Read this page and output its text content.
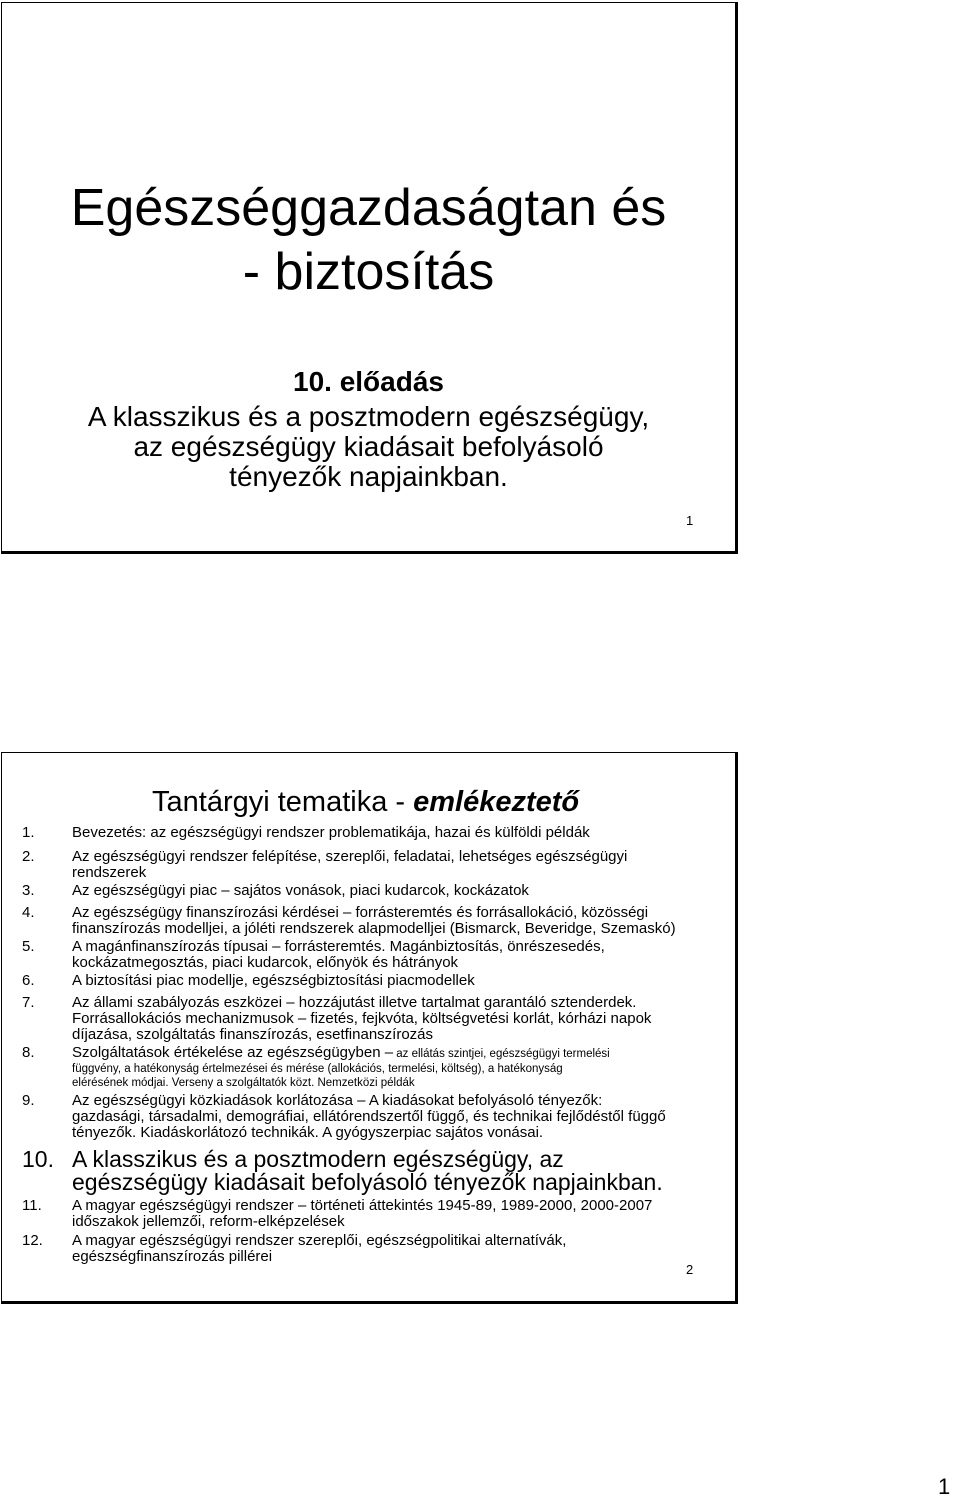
Egészséggazdaságtan és
- biztosítás
10. előadás
A klasszikus és a posztmodern egészségügy,
az egészségügy kiadásait befolyásoló
tényezők napjainkban.
1
Tantárgyi tematika - emlékeztető
1. Bevezetés: az egészségügyi rendszer problematikája, hazai és külföldi példák
2. Az egészségügyi rendszer felépítése, szereplői, feladatai, lehetséges egészségügyi
rendszerek
3. Az egészségügyi piac – sajátos vonások, piaci kudarcok, kockázatok
4. Az egészségügy finanszírozási kérdései – forrásteremtés és forrásallokáció, közösségi
finanszírozás modelljei, a jóléti rendszerek alapmodelljei (Bismarck, Beveridge, Szemaskó)
5. A magánfinanszírozás típusai – forrásteremtés. Magánbiztosítás, önrészesedés,
kockázatmegosztás, piaci kudarcok, előnyök és hátrányok
6. A biztosítási piac modellje, egészségbiztosítási piacmodellek
7. Az állami szabályozás eszközei – hozzájutást illetve tartalmat garantáló sztenderdek.
Forrásallokációs mechanizmusok – fizetés, fejkvóta, költségvetési korlát, kórházi napok
díjazása, szolgáltatás finanszírozás, esetfinanszírozás
8. Szolgáltatások értékelése az egészségügyben – az ellátás szintjei, egészségügyi termelési
függvény, a hatékonyság értelmezései és mérése (allokációs, termelési, költség), a hatékonyság
elérésének módjai. Verseny a szolgáltatók közt. Nemzetközi példák
9. Az egészségügyi közkiadások korlátozása – A kiadásokat befolyásoló tényezők:
gazdasági, társadalmi, demográfiai, ellátórendszertől függő, és technikai fejlődéstől függő
tényezők. Kiadáskorlátozó technikák. A gyógyszerpiac sajátos vonásai.
10. A klasszikus és a posztmodern egészségügy, az
egészségügy kiadásait befolyásoló tényezők napjainkban.
11. A magyar egészségügyi rendszer – történeti áttekintés 1945-89, 1989-2000, 2000-2007
időszakok jellemzői, reform-elképzelések
12. A magyar egészségügyi rendszer szereplői, egészségpolitikai alternatívák,
egészségfinanszírozás pillérei
2
1
